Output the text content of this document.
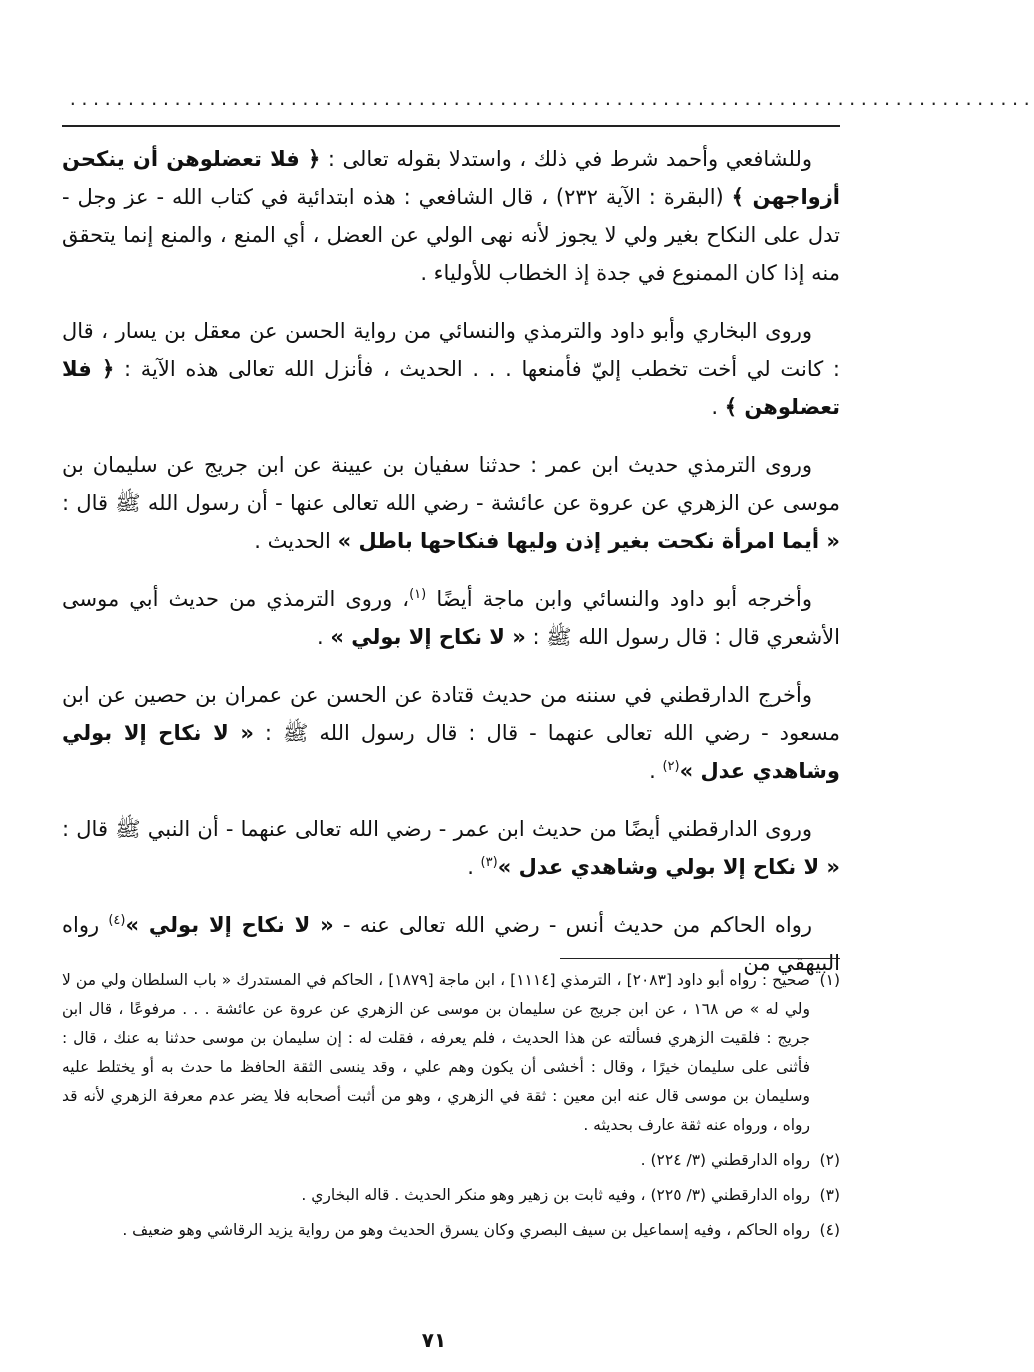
...................................................................................

وللشافعي وأحمد شرط في ذلك ، واستدلا بقوله تعالى : ﴿ فلا تعضلوهن أن ينكحن أزواجهن ﴾ (البقرة : الآية ٢٣٢) ، قال الشافعي : هذه ابتدائية في كتاب الله - عز وجل - تدل على النكاح بغير ولي لا يجوز لأنه نهى الولي عن العضل ، أي المنع ، والمنع إنما يتحقق منه إذا كان الممنوع في جدة إذ الخطاب للأولياء .

وروى البخاري وأبو داود والترمذي والنسائي من رواية الحسن عن معقل بن يسار ، قال : كانت لي أخت تخطب إليّ فأمنعها . . . الحديث ، فأنزل الله تعالى هذه الآية : ﴿ فلا تعضلوهن ﴾ .

وروى الترمذي حديث ابن عمر : حدثنا سفيان بن عيينة عن ابن جريج عن سليمان بن موسى عن الزهري عن عروة عن عائشة - رضي الله تعالى عنها - أن رسول الله ﷺ قال : « أيما امرأة نكحت بغير إذن وليها فنكاحها باطل » الحديث .

وأخرجه أبو داود والنسائي وابن ماجة أيضًا $^{(١)}$، وروى الترمذي من حديث أبي موسى الأشعري قال : قال رسول الله ﷺ : « لا نكاح إلا بولي » .

وأخرج الدارقطني في سننه من حديث قتادة عن الحسن عن عمران بن حصين عن ابن مسعود - رضي الله تعالى عنهما - قال : قال رسول الله ﷺ : « لا نكاح إلا بولي وشاهدي عدل »$^{(٢)}$ .

وروى الدارقطني أيضًا من حديث ابن عمر - رضي الله تعالى عنهما - أن النبي ﷺ قال : « لا نكاح إلا بولي وشاهدي عدل »$^{(٣)}$ .

رواه الحاكم من حديث أنس - رضي الله تعالى عنه - « لا نكاح إلا بولي »$^{(٤)}$ رواه البيهقي من

(١)
صحيح : رواه أبو داود [٢٠٨٣] ، الترمذي [١١١٤] ، ابن ماجة [١٨٧٩] ، الحاكم في المستدرك « باب السلطان ولي من لا ولي له » ص ١٦٨ ، عن ابن جريج عن سليمان بن موسى عن الزهري عن عروة عن عائشة . . . مرفوعًا ، قال ابن جريج : فلقيت الزهري فسألته عن هذا الحديث ، فلم يعرفه ، فقلت له : إن سليمان بن موسى حدثنا به عنك ، قال : فأثنى على سليمان خيرًا ، وقال : أخشى أن يكون وهم علي ، وقد ينسى الثقة الحافظ ما حدث به أو يختلط عليه وسليمان بن موسى قال عنه ابن معين : ثقة في الزهري ، وهو من أثبت أصحابه فلا يضر عدم معرفة الزهري لأنه قد رواه ، ورواه عنه ثقة عارف بحديثه .

(٢)
رواه الدارقطني (٣/ ٢٢٤) .

(٣)
رواه الدارقطني (٣/ ٢٢٥) ، وفيه ثابت بن زهير وهو منكر الحديث . قاله البخاري .

(٤)
رواه الحاكم ، وفيه إسماعيل بن سيف البصري وكان يسرق الحديث وهو من رواية يزيد الرقاشي وهو ضعيف .

٧١
